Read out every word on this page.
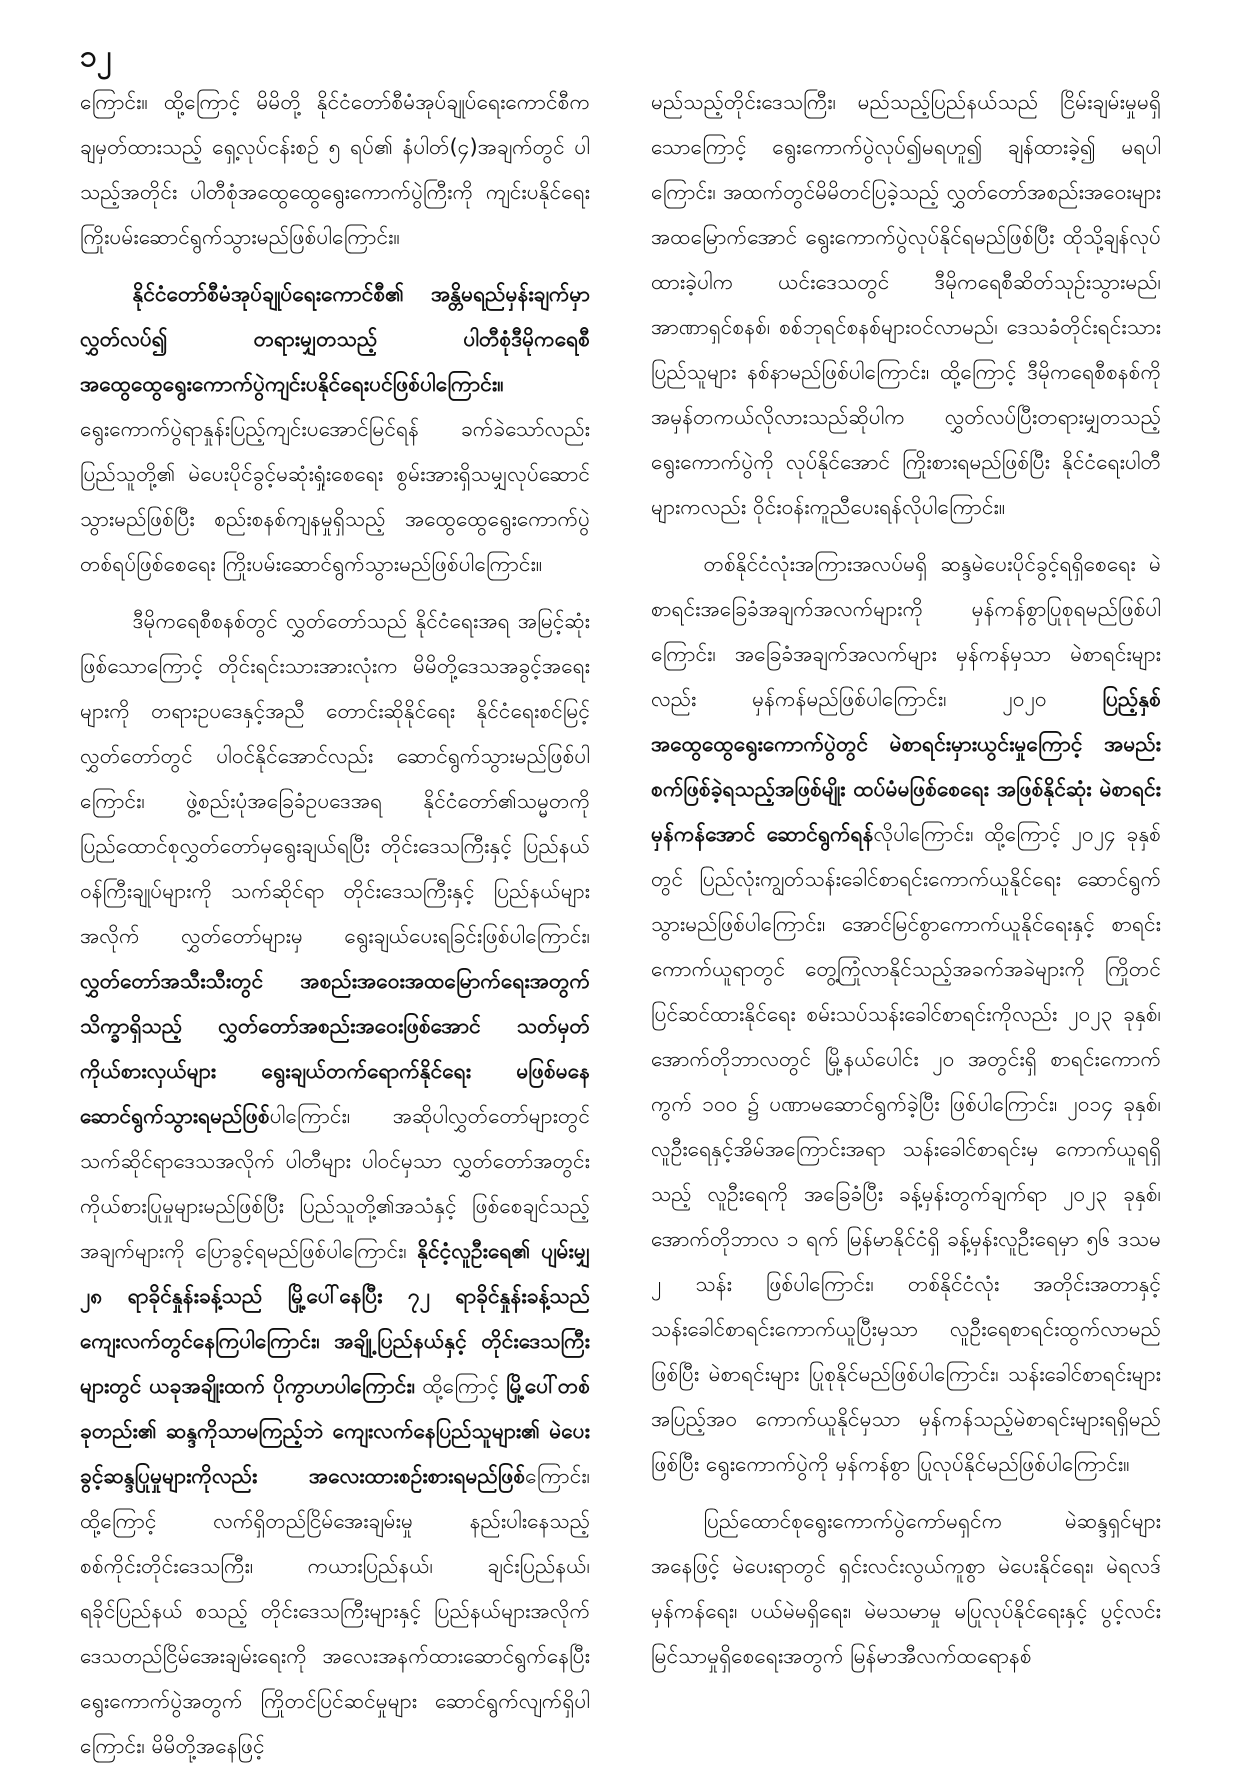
၁၂

ကြောင်း။ ထို့ကြောင့် မိမိတို့ နိုင်ငံတော်စီမံအုပ်ချုပ်ရေးကောင်စီက ချမှတ်ထားသည့် ရှေ့လုပ်ငန်းစဉ် ၅ ရပ်၏ နံပါတ်(၄)အချက်တွင် ပါသည့်အတိုင်း ပါတီစုံအထွေထွေရွေးကောက်ပွဲကြီးကို ကျင်းပနိုင်ရေး ကြိုးပမ်းဆောင်ရွက်သွားမည်ဖြစ်ပါကြောင်း။

နိုင်ငံတော်စီမံအုပ်ချုပ်ရေးကောင်စီ၏ အန္တိမရည်မှန်းချက်မှာ လွှတ်လပ်၍ တရားမျှတသည့် ပါတီစုံဒီမိုကရေစီအထွေထွေရွေးကောက်ပွဲကျင်းပနိုင်ရေးပင်ဖြစ်ပါကြောင်း။ ရွေးကောက်ပွဲရာနှုန်းပြည့်ကျင်းပအောင်မြင်ရန် ခက်ခဲသော်လည်း ပြည်သူတို့၏ မဲပေးပိုင်ခွင့်မဆုံးရှုံးစေရေး စွမ်းအားရှိသမျှလုပ်ဆောင်သွားမည်ဖြစ်ပြီး စည်းစနစ်ကျနမှုရှိသည့် အထွေထွေရွေးကောက်ပွဲတစ်ရပ်ဖြစ်စေရေး ကြိုးပမ်းဆောင်ရွက်သွားမည်ဖြစ်ပါကြောင်း။

ဒီမိုကရေစီစနစ်တွင် လွှတ်တော်သည် နိုင်ငံရေးအရ အမြင့်ဆုံးဖြစ်သောကြောင့် တိုင်းရင်းသားအားလုံးက မိမိတို့ဒေသအခွင့်အရေးများကို တရားဥပဒေနှင့်အညီ တောင်းဆိုနိုင်ရေး နိုင်ငံရေးစင်မြင့်လွှတ်တော်တွင် ပါဝင်နိုင်အောင်လည်း ဆောင်ရွက်သွားမည်ဖြစ်ပါကြောင်း၊ ဖွဲ့စည်းပုံအခြေခံဥပဒေအရ နိုင်ငံတော်၏သမ္မတကို ပြည်ထောင်စုလွှတ်တော်မှရွေးချယ်ရပြီး တိုင်းဒေသကြီးနှင့် ပြည်နယ်ဝန်ကြီးချုပ်များကို သက်ဆိုင်ရာ တိုင်းဒေသကြီးနှင့် ပြည်နယ်များအလိုက် လွှတ်တော်များမှ ရွေးချယ်ပေးရခြင်းဖြစ်ပါကြောင်း၊ လွှတ်တော်အသီးသီးတွင် အစည်းအဝေးအထမြောက်ရေးအတွက် သိက္ခာရှိသည့် လွှတ်တော်အစည်းအဝေးဖြစ်အောင် သတ်မှတ်ကိုယ်စားလှယ်များ ရွေးချယ်တက်ရောက်နိုင်ရေး မဖြစ်မနေဆောင်ရွက်သွားရမည်ဖြစ်ပါကြောင်း၊ အဆိုပါလွှတ်တော်များတွင် သက်ဆိုင်ရာဒေသအလိုက် ပါတီများ ပါဝင်မှသာ လွှတ်တော်အတွင်း ကိုယ်စားပြုမှုများမည်ဖြစ်ပြီး ပြည်သူတို့၏အသံနှင့် ဖြစ်စေချင်သည့် အချက်များကို ပြောခွင့်ရမည်ဖြစ်ပါကြောင်း၊ နိုင်ငံ့လူဦးရေ၏ ပျမ်းမျှ ၂၈ ရာခိုင်နှုန်းခန့်သည် မြို့ပေါ်နေပြီး ၇၂ ရာခိုင်နှုန်းခန့်သည် ကျေးလက်တွင်နေကြပါကြောင်း၊ အချို့ပြည်နယ်နှင့် တိုင်းဒေသကြီးများတွင် ယခုအချိုးထက် ပိုကွာဟပါကြောင်း၊ ထို့ကြောင့် မြို့ပေါ်တစ်ခုတည်း၏ ဆန္ဒကိုသာမကြည့်ဘဲ ကျေးလက်နေပြည်သူများ၏ မဲပေးခွင့်ဆန္ဒပြုမှုများကိုလည်း အလေးထားစဉ်းစားရမည်ဖြစ်ကြောင်း၊ ထို့ကြောင့် လက်ရှိတည်ငြိမ်အေးချမ်းမှု နည်းပါးနေသည့် စစ်ကိုင်းတိုင်းဒေသကြီး၊ ကယားပြည်နယ်၊ ချင်းပြည်နယ်၊ ရခိုင်ပြည်နယ် စသည့် တိုင်းဒေသကြီးများနှင့် ပြည်နယ်များအလိုက် ဒေသတည်ငြိမ်အေးချမ်းရေးကို အလေးအနက်ထားဆောင်ရွက်နေပြီး ရွေးကောက်ပွဲအတွက် ကြိုတင်ပြင်ဆင်မှုများ ဆောင်ရွက်လျက်ရှိပါကြောင်း၊ မိမိတို့အနေဖြင့်

မည်သည့်တိုင်းဒေသကြီး၊ မည်သည့်ပြည်နယ်သည် ငြိမ်းချမ်းမှုမရှိသောကြောင့် ရွေးကောက်ပွဲလုပ်၍မရဟူ၍ ချန်ထားခဲ့၍ မရပါကြောင်း၊ အထက်တွင်မိမိတင်ပြခဲ့သည့် လွှတ်တော်အစည်းအဝေးများ အထမြောက်အောင် ရွေးကောက်ပွဲလုပ်နိုင်ရမည်ဖြစ်ပြီး ထိုသို့ချန်လုပ်ထားခဲ့ပါက ယင်းဒေသတွင် ဒီမိုကရေစီဆိတ်သုဉ်းသွားမည်၊ အာဏာရှင်စနစ်၊ စစ်ဘုရင်စနစ်များဝင်လာမည်၊ ဒေသခံတိုင်းရင်းသားပြည်သူများ နစ်နာမည်ဖြစ်ပါကြောင်း၊ ထို့ကြောင့် ဒီမိုကရေစီစနစ်ကို အမှန်တကယ်လိုလားသည်ဆိုပါက လွှတ်လပ်ပြီးတရားမျှတသည့် ရွေးကောက်ပွဲကို လုပ်နိုင်အောင် ကြိုးစားရမည်ဖြစ်ပြီး နိုင်ငံရေးပါတီများကလည်း ဝိုင်းဝန်းကူညီပေးရန်လိုပါကြောင်း။

တစ်နိုင်ငံလုံးအကြားအလပ်မရှိ ဆန္ဒမဲပေးပိုင်ခွင့်ရရှိစေရေး မဲစာရင်းအခြေခံအချက်အလက်များကို မှန်ကန်စွာပြုစုရမည်ဖြစ်ပါကြောင်း၊ အခြေခံအချက်အလက်များ မှန်ကန်မှသာ မဲစာရင်းများလည်း မှန်ကန်မည်ဖြစ်ပါကြောင်း၊ ၂၀၂၀ ပြည့်နှစ် အထွေထွေရွေးကောက်ပွဲတွင် မဲစာရင်းမှားယွင်းမှုကြောင့် အမည်းစက်ဖြစ်ခဲ့ရသည့်အဖြစ်မျိုး ထပ်မံမဖြစ်စေရေး အဖြစ်နိုင်ဆုံး မဲစာရင်းမှန်ကန်အောင် ဆောင်ရွက်ရန်လိုပါကြောင်း၊ ထို့ကြောင့် ၂၀၂၄ ခုနှစ်တွင် ပြည်လုံးကျွတ်သန်းခေါင်စာရင်းကောက်ယူနိုင်ရေး ဆောင်ရွက်သွားမည်ဖြစ်ပါကြောင်း၊ အောင်မြင်စွာကောက်ယူနိုင်ရေးနှင့် စာရင်းကောက်ယူရာတွင် တွေ့ကြုံလာနိုင်သည့်အခက်အခဲများကို ကြိုတင်ပြင်ဆင်ထားနိုင်ရေး စမ်းသပ်သန်းခေါင်စာရင်းကိုလည်း ၂၀၂၃ ခုနှစ်၊ အောက်တိုဘာလတွင် မြို့နယ်ပေါင်း ၂၀ အတွင်းရှိ စာရင်းကောက်ကွက် ၁၀၀ ၌ ပဏာမဆောင်ရွက်ခဲ့ပြီး ဖြစ်ပါကြောင်း၊ ၂၀၁၄ ခုနှစ်၊ လူဦးရေနှင့်အိမ်အကြောင်းအရာ သန်းခေါင်စာရင်းမှ ကောက်ယူရရှိသည့် လူဦးရေကို အခြေခံပြီး ခန့်မှန်းတွက်ချက်ရာ ၂၀၂၃ ခုနှစ်၊ အောက်တိုဘာလ ၁ ရက် မြန်မာနိုင်ငံရှိ ခန့်မှန်းလူဦးရေမှာ ၅၆ ဒသမ ၂ သန်း ဖြစ်ပါကြောင်း၊ တစ်နိုင်ငံလုံး အတိုင်းအတာနှင့် သန်းခေါင်စာရင်းကောက်ယူပြီးမှသာ လူဦးရေစာရင်းထွက်လာမည် ဖြစ်ပြီး မဲစာရင်းများ ပြုစုနိုင်မည်ဖြစ်ပါကြောင်း၊ သန်းခေါင်စာရင်းများ အပြည့်အဝ ကောက်ယူနိုင်မှသာ မှန်ကန်သည့်မဲစာရင်းများရရှိမည်ဖြစ်ပြီး ရွေးကောက်ပွဲကို မှန်ကန်စွာ ပြုလုပ်နိုင်မည်ဖြစ်ပါကြောင်း။

ပြည်ထောင်စုရွေးကောက်ပွဲကော်မရှင်က မဲဆန္ဒရှင်များအနေဖြင့် မဲပေးရာတွင် ရှင်းလင်းလွယ်ကူစွာ မဲပေးနိုင်ရေး၊ မဲရလဒ်မှန်ကန်ရေး၊ ပယ်မဲမရှိရေး၊ မဲမသမာမှု မပြုလုပ်နိုင်ရေးနှင့် ပွင့်လင်းမြင်သာမှုရှိစေရေးအတွက် မြန်မာအီလက်ထရောနစ်
